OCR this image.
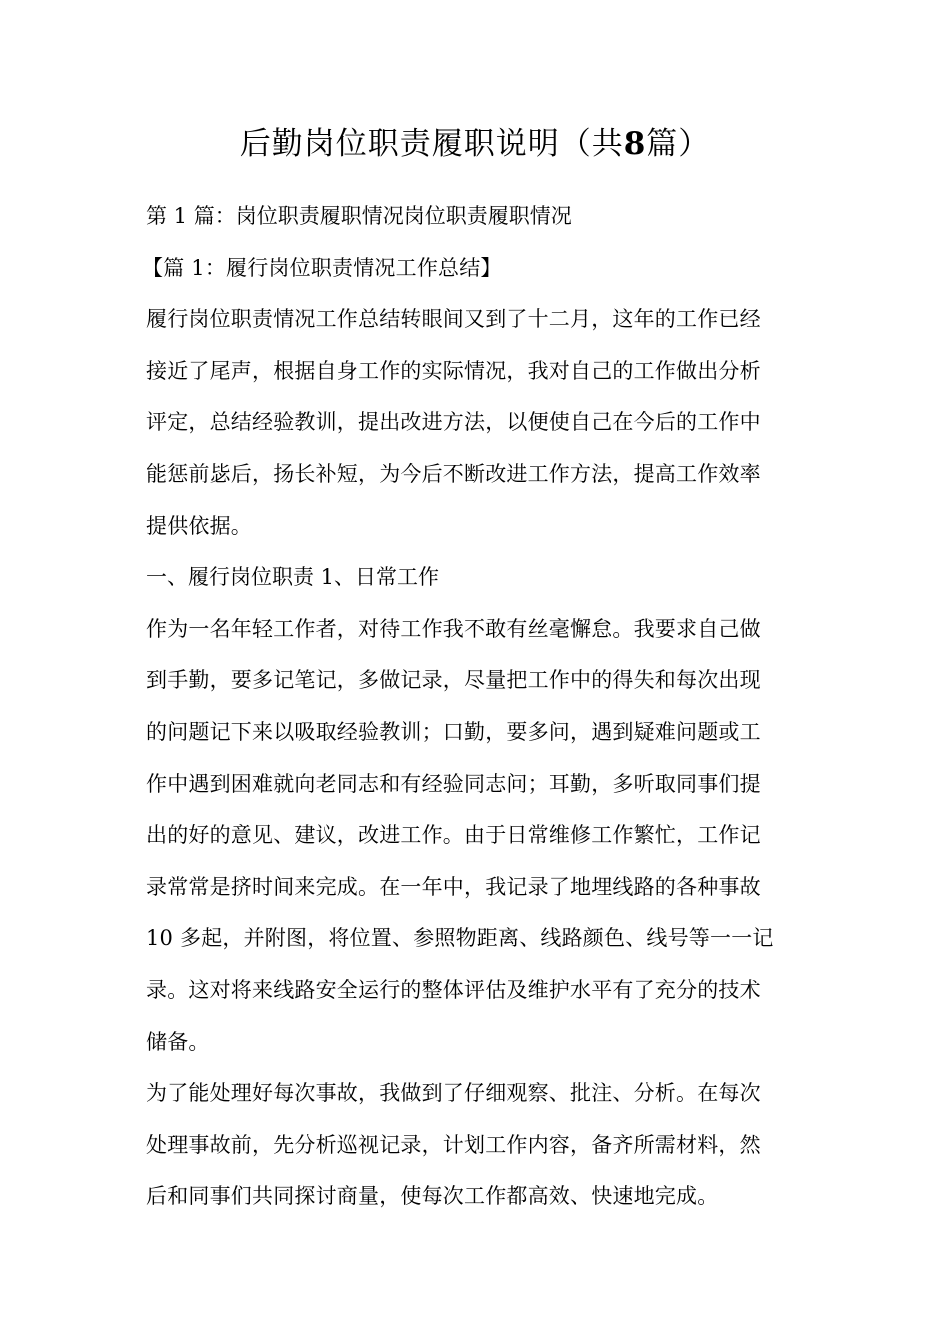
后勤岗位职责履职说明（共8篇）
第 1 篇：岗位职责履职情况岗位职责履职情况
【篇 1：履行岗位职责情况工作总结】
履行岗位职责情况工作总结转眼间又到了十二月，这年的工作已经
接近了尾声，根据自身工作的实际情况，我对自己的工作做出分析
评定，总结经验教训，提出改进方法，以便使自己在今后的工作中
能惩前毖后，扬长补短，为今后不断改进工作方法，提高工作效率
提供依据。
一、履行岗位职责 1、日常工作
作为一名年轻工作者，对待工作我不敢有丝毫懈怠。我要求自己做
到手勤，要多记笔记，多做记录，尽量把工作中的得失和每次出现
的问题记下来以吸取经验教训；口勤，要多问，遇到疑难问题或工
作中遇到困难就向老同志和有经验同志问；耳勤，多听取同事们提
出的好的意见、建议，改进工作。由于日常维修工作繁忙，工作记
录常常是挤时间来完成。在一年中，我记录了地埋线路的各种事故
10 多起，并附图，将位置、参照物距离、线路颜色、线号等一一记
录。这对将来线路安全运行的整体评估及维护水平有了充分的技术
储备。
为了能处理好每次事故，我做到了仔细观察、批注、分析。在每次
处理事故前，先分析巡视记录，计划工作内容，备齐所需材料，然
后和同事们共同探讨商量，使每次工作都高效、快速地完成。
